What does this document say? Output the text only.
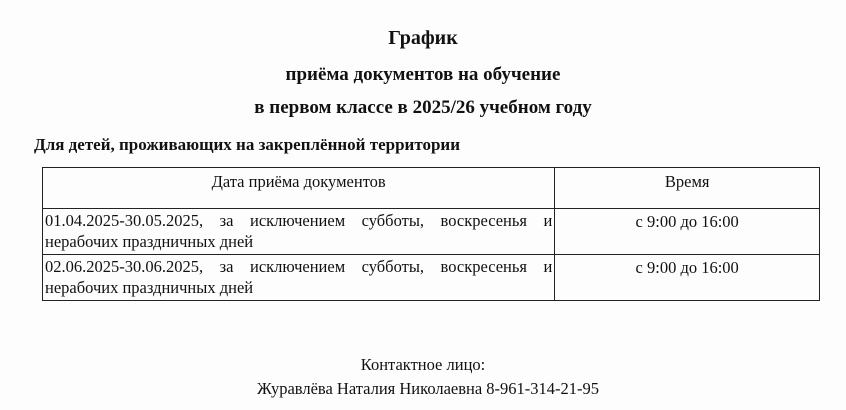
График
приёма документов на обучение
в первом классе в 2025/26 учебном году
Для детей, проживающих на закреплённой территории
Дата приёма документов	Время

01.04.2025-30.05.2025, за исключением субботы, воскресенья и нерабочих праздничных дней	с 9:00 до 16:00

02.06.2025-30.06.2025, за исключением субботы, воскресенья и нерабочих праздничных дней	с 9:00 до 16:00
Контактное лицо:
Журавлёва Наталия Николаевна 8-961-314-21-95
